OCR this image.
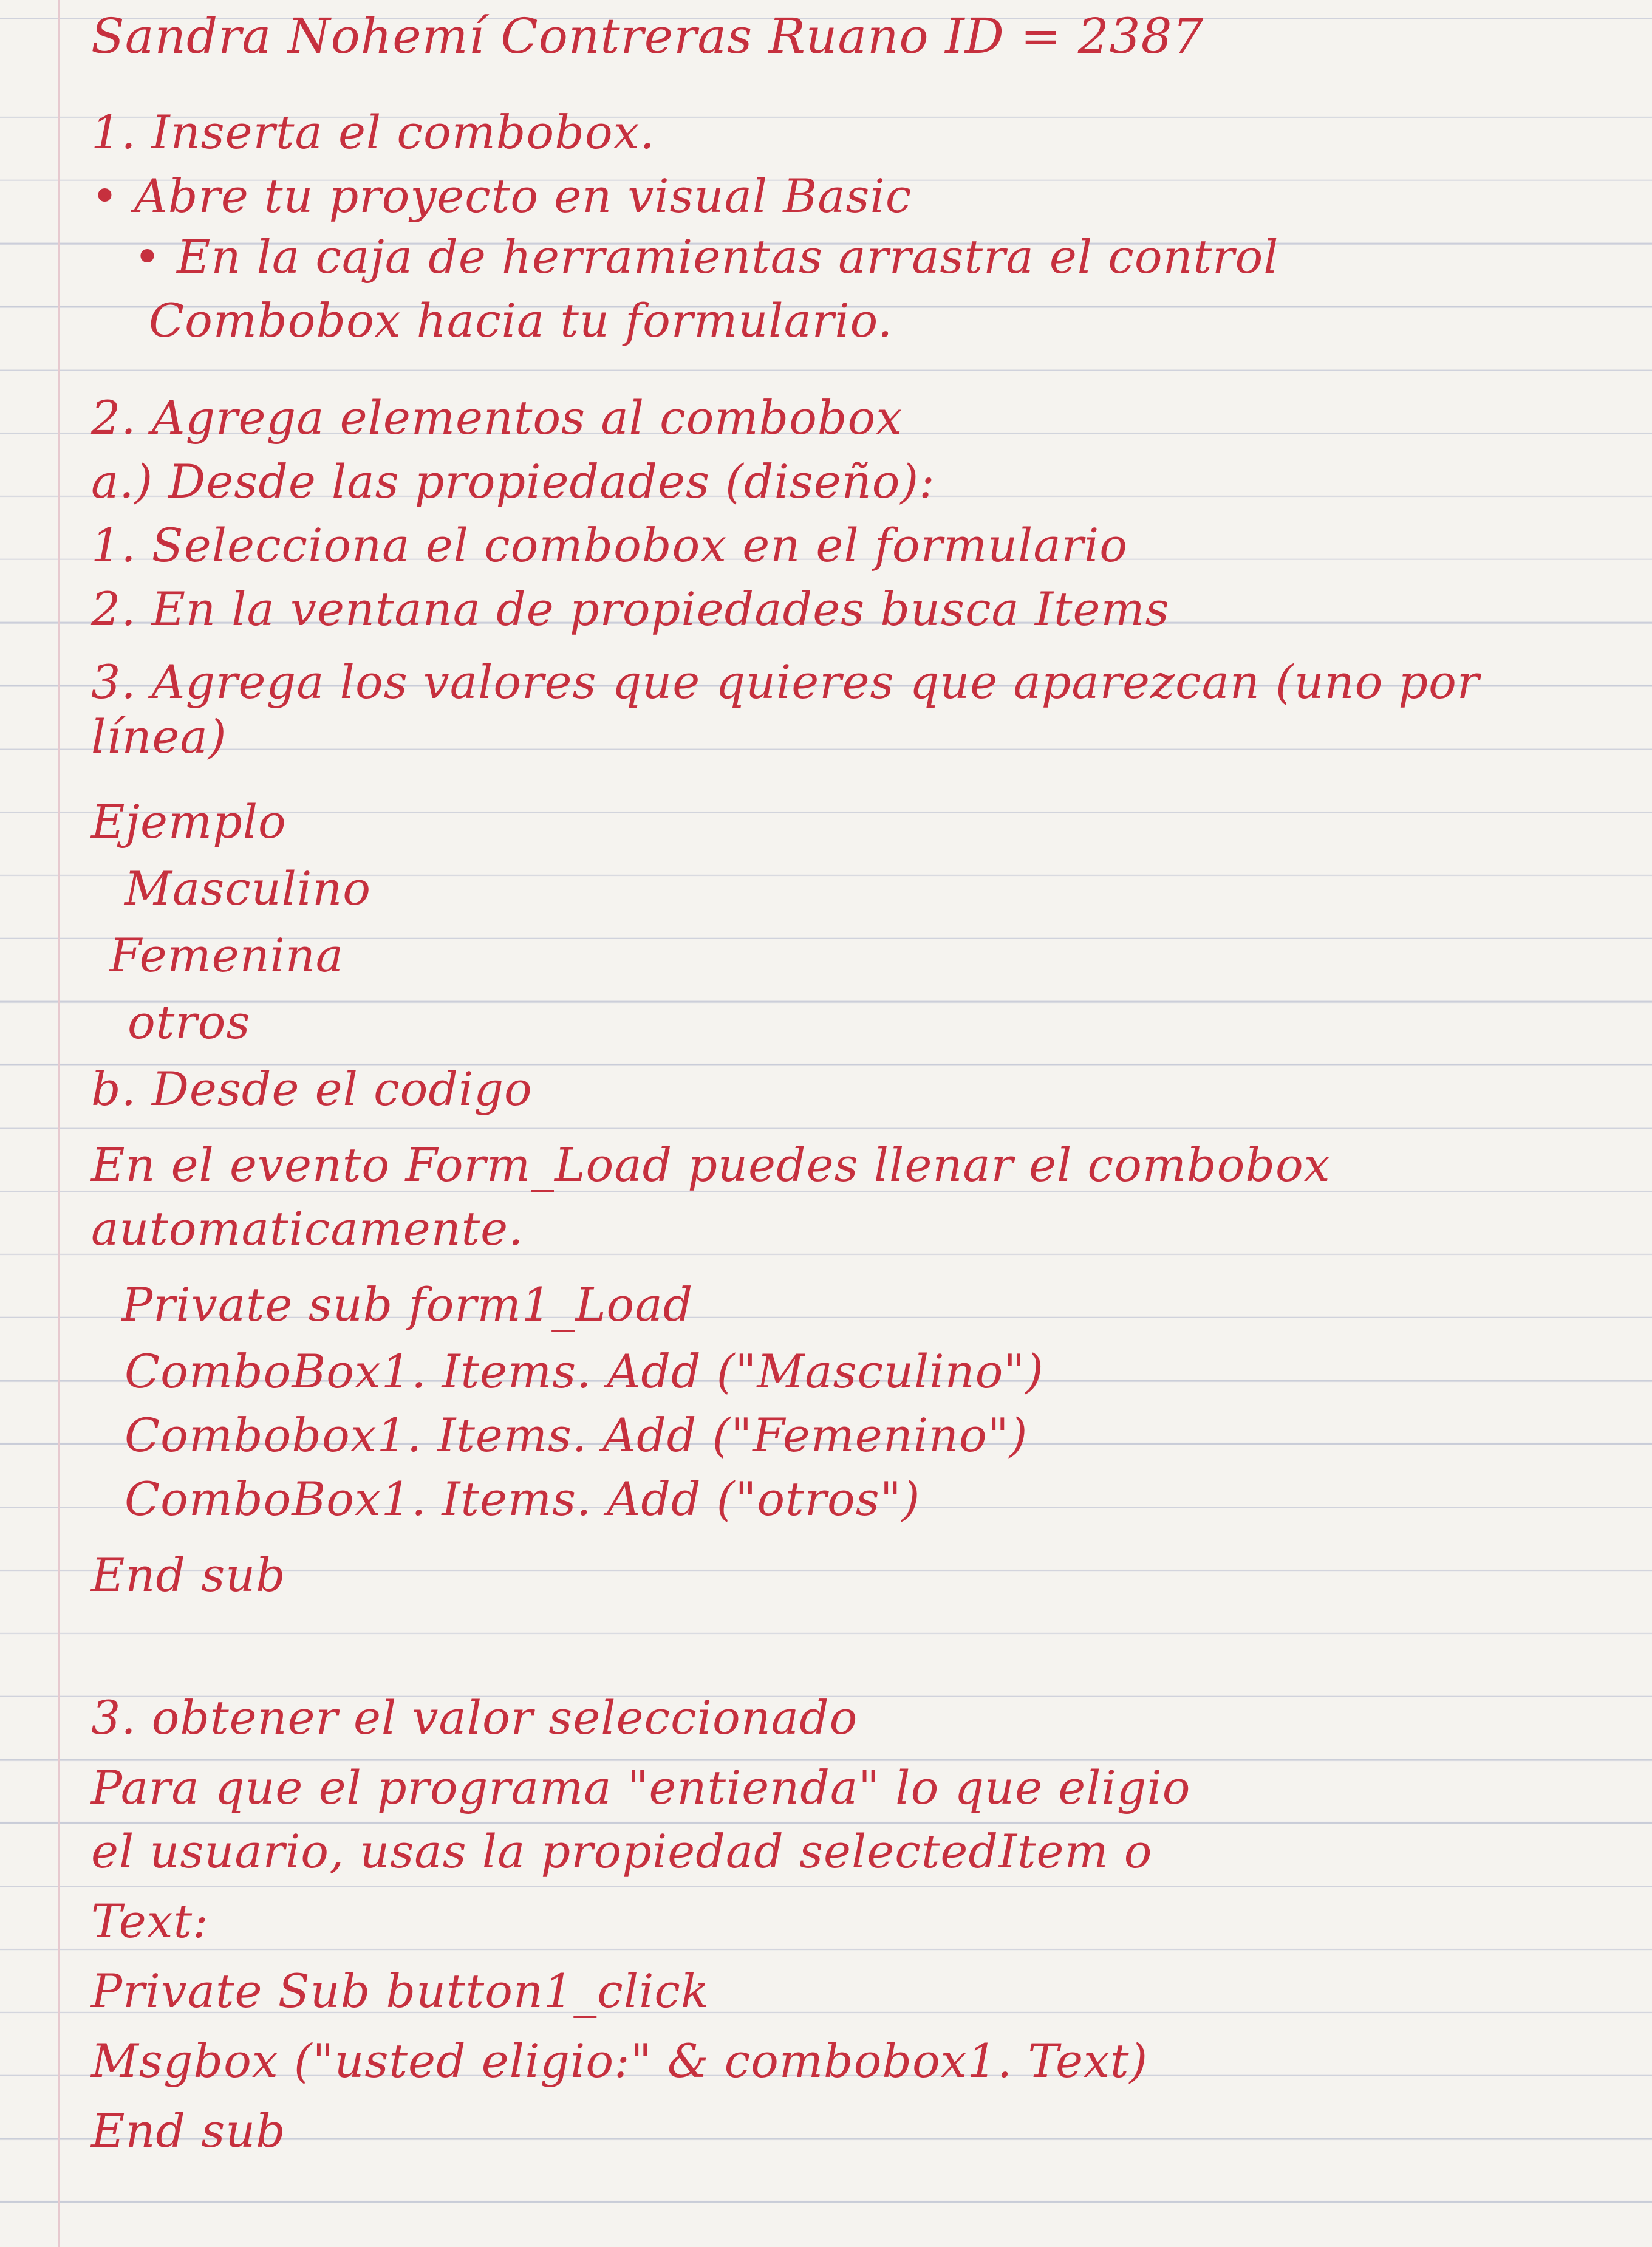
Sandra Nohemí Contreras Ruano ID = 2387
1. Inserta el combobox.
• Abre tu proyecto en visual Basic
• En la caja de herramientas arrastra el control
Combobox hacia tu formulario.
2. Agrega elementos al combobox
a.) Desde las propiedades (diseño):
1. Selecciona el combobox en el formulario
2. En la ventana de propiedades busca Items
3. Agrega los valores que quieres que aparezcan (uno por
línea)
Ejemplo
Masculino
Femenina
otros
b. Desde el codigo
En el evento Form_Load puedes llenar el combobox
automaticamente.
Private sub form1_Load
ComboBox1. Items. Add ("Masculino")
Combobox1. Items. Add ("Femenino")
ComboBox1. Items. Add ("otros")
End sub
3. obtener el valor seleccionado
Para que el programa "entienda" lo que eligio
el usuario, usas la propiedad selectedItem o
Text:
Private Sub button1_click
Msgbox ("usted eligio:" & combobox1. Text)
End sub
